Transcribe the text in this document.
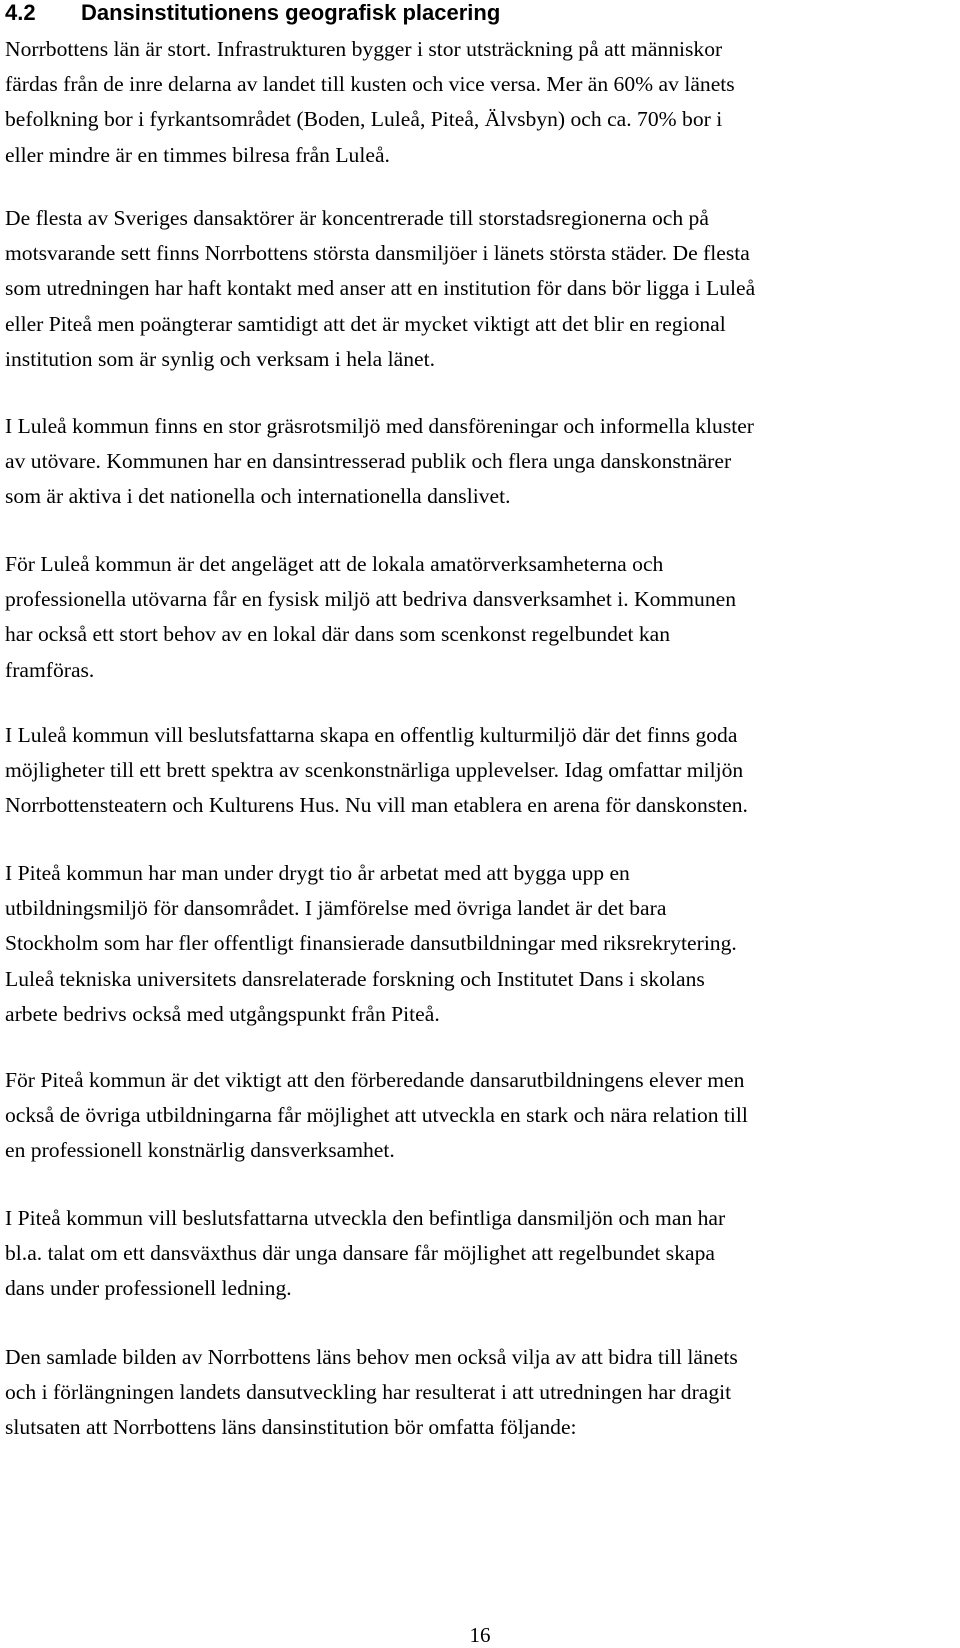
4.2 Dansinstitutionens geografisk placering
Norrbottens län är stort. Infrastrukturen bygger i stor utsträckning på att människor
färdas från de inre delarna av landet till kusten och vice versa. Mer än 60% av länets
befolkning bor i fyrkantsområdet (Boden, Luleå, Piteå, Älvsbyn) och ca. 70% bor i
eller mindre är en timmes bilresa från Luleå.
De flesta av Sveriges dansaktörer är koncentrerade till storstadsregionerna och på
motsvarande sett finns Norrbottens största dansmiljöer i länets största städer. De flesta
som utredningen har haft kontakt med anser att en institution för dans bör ligga i Luleå
eller Piteå men poängterar samtidigt att det är mycket viktigt att det blir en regional
institution som är synlig och verksam i hela länet.
I Luleå kommun finns en stor gräsrotsmiljö med dansföreningar och informella kluster
av utövare. Kommunen har en dansintresserad publik och flera unga danskonstnärer
som är aktiva i det nationella och internationella danslivet.
För Luleå kommun är det angeläget att de lokala amatörverksamheterna och
professionella utövarna får en fysisk miljö att bedriva dansverksamhet i. Kommunen
har också ett stort behov av en lokal där dans som scenkonst regelbundet kan
framföras.
I Luleå kommun vill beslutsfattarna skapa en offentlig kulturmiljö där det finns goda
möjligheter till ett brett spektra av scenkonstnärliga upplevelser. Idag omfattar miljön
Norrbottensteatern och Kulturens Hus. Nu vill man etablera en arena för danskonsten.
I Piteå kommun har man under drygt tio år arbetat med att bygga upp en
utbildningsmiljö för dansområdet. I jämförelse med övriga landet är det bara
Stockholm som har fler offentligt finansierade dansutbildningar med riksrekrytering.
Luleå tekniska universitets dansrelaterade forskning och Institutet Dans i skolans
arbete bedrivs också med utgångspunkt från Piteå.
För Piteå kommun är det viktigt att den förberedande dansarutbildningens elever men
också de övriga utbildningarna får möjlighet att utveckla en stark och nära relation till
en professionell konstnärlig dansverksamhet.
I Piteå kommun vill beslutsfattarna utveckla den befintliga dansmiljön och man har
bl.a. talat om ett dansväxthus där unga dansare får möjlighet att regelbundet skapa
dans under professionell ledning.
Den samlade bilden av Norrbottens läns behov men också vilja av att bidra till länets
och i förlängningen landets dansutveckling har resulterat i att utredningen har dragit
slutsaten att Norrbottens läns dansinstitution bör omfatta följande:
16
